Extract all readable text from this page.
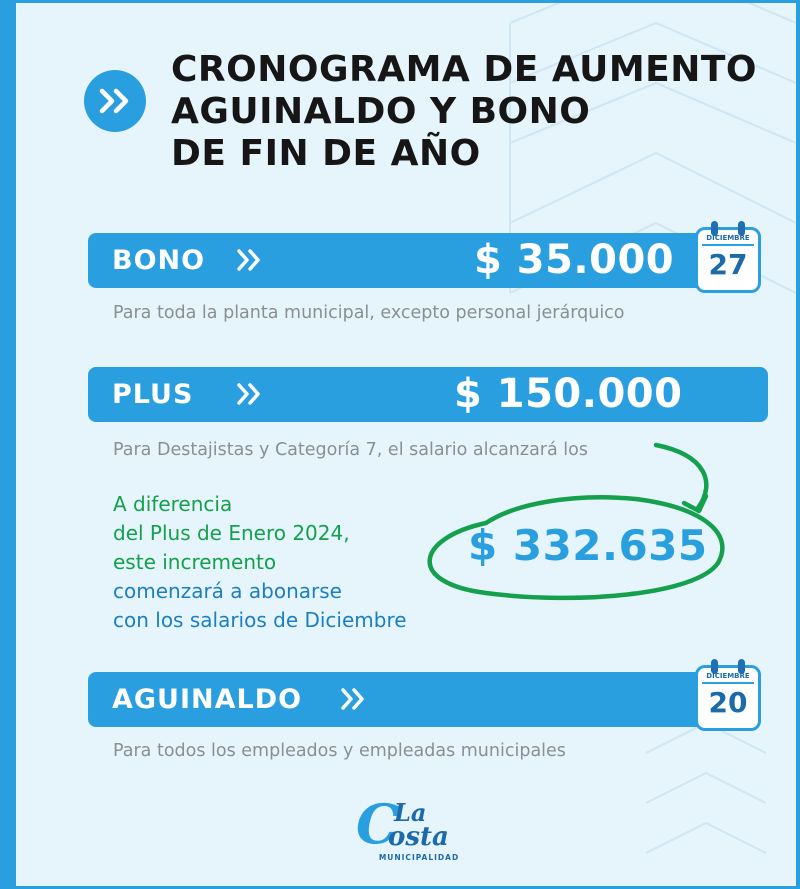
CRONOGRAMA DE AUMENTO
AGUINALDO Y BONO
DE FIN DE AÑO
BONO	$ 35.000	DICIEMBRE
27
Para toda la planta municipal, excepto personal jerárquico
PLUS	$ 150.000
Para Destajistas y Categoría 7, el salario alcanzará los
A diferencia
del Plus de Enero 2024,
este incremento
comenzará a abonarse
con los salarios de Diciembre
$ 332.635
AGUINALDO
DICIEMBRE
20
Para todos los empleados y empleadas municipales
C
La
osta
MUNICIPALIDAD
